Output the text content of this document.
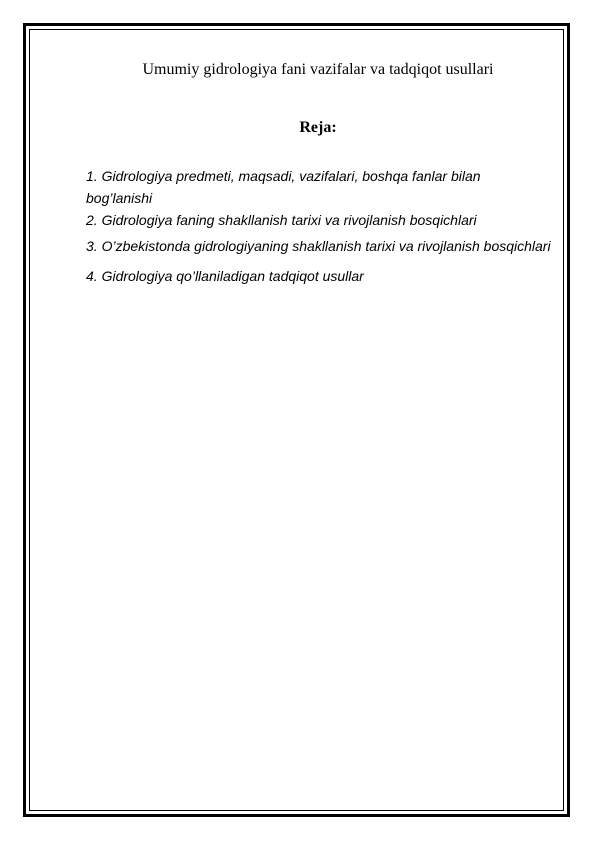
Umumiy gidrologiya fani vazifalar va tadqiqot usullari
Reja:

1. Gidrologiya predmeti, maqsadi, vazifalari, boshqa fanlar bilan bog’lanishi

2. Gidrologiya faning shakllanish tarixi va rivojlanish bosqichlari

3. O’zbekistonda gidrologiyaning shakllanish tarixi va rivojlanish bosqichlari

4. Gidrologiya qo’llaniladigan tadqiqot usullar
